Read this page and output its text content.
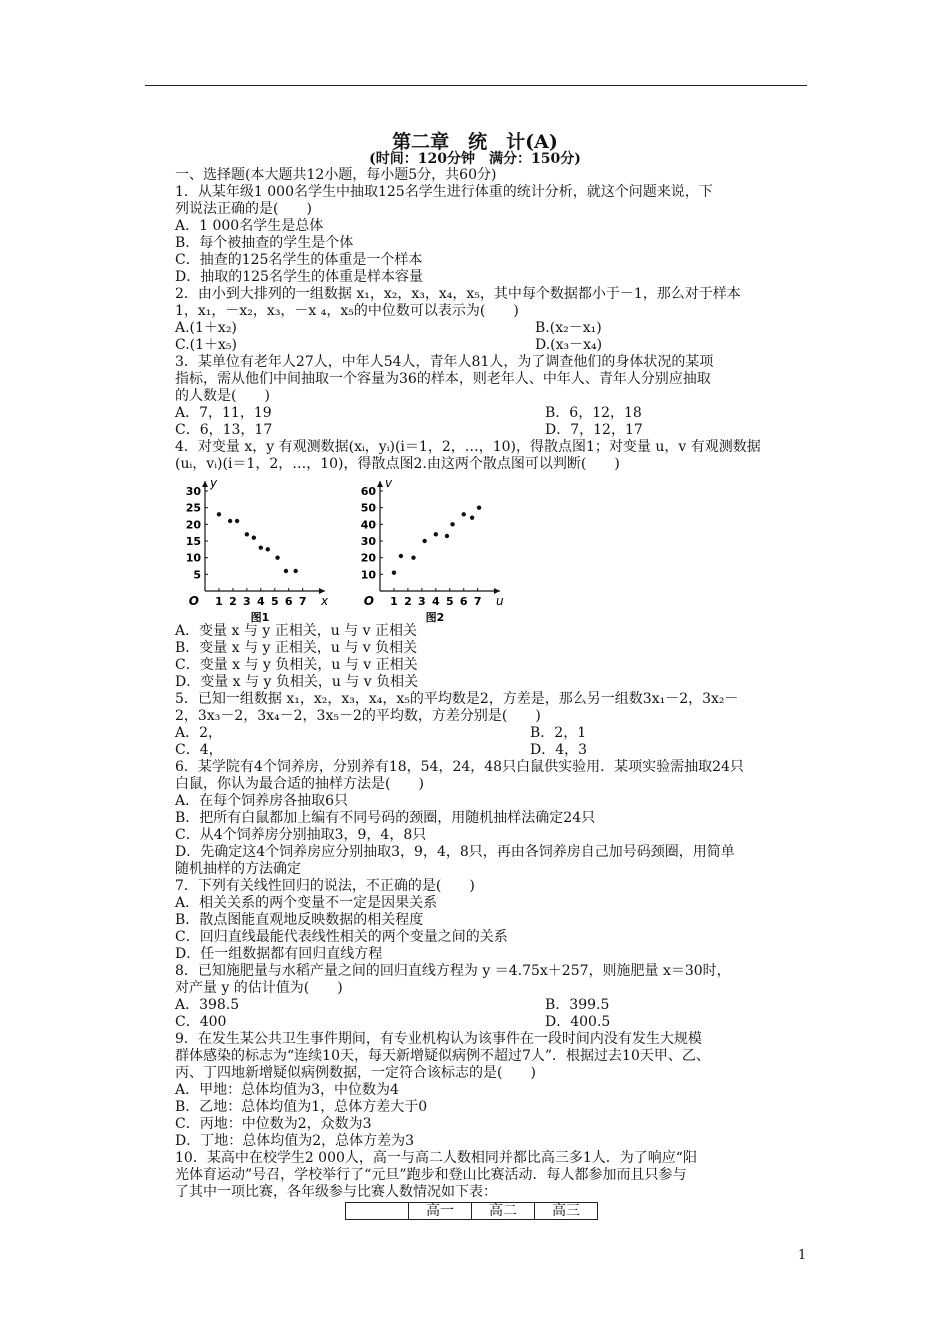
第二章　统　计(A)
(时间：120分钟　满分：150分)
一、选择题(本大题共12小题，每小题5分，共60分)
1．从某年级1 000名学生中抽取125名学生进行体重的统计分析，就这个问题来说，下
列说法正确的是(　　)
A．1 000名学生是总体
B．每个被抽查的学生是个体
C．抽查的125名学生的体重是一个样本
D．抽取的125名学生的体重是样本容量
2．由小到大排列的一组数据 x₁，x₂，x₃，x₄，x₅，其中每个数据都小于－1，那么对于样本
1，x₁，－x₂，x₃，－x ₄，x₅的中位数可以表示为(　　)
A.(1＋x₂)	B.(x₂－x₁)
C.(1＋x₅)	D.(x₃－x₄)
3．某单位有老年人27人，中年人54人，青年人81人，为了调查他们的身体状况的某项
指标，需从他们中间抽取一个容量为36的样本，则老年人、中年人、青年人分别应抽取
的人数是(　　)
A．7，11，19	B．6，12，18
C．6，13，17	D．7，12，17
4．对变量 x，y 有观测数据(xᵢ，yᵢ)(i＝1，2，…，10)，得散点图1；对变量 u，v 有观测数据
(uᵢ，vᵢ)(i＝1，2，…，10)，得散点图2.由这两个散点图可以判断(　　)
1 2 3 4 5 6 7
5
10
15
20
25
30
O	x
y
图1
1 2 3 4 5 6 7
10
20
30
40
50
60
O	u
v
图2
A．变量 x 与 y 正相关，u 与 v 正相关
B．变量 x 与 y 正相关，u 与 v 负相关
C．变量 x 与 y 负相关，u 与 v 正相关
D．变量 x 与 y 负相关，u 与 v 负相关
5．已知一组数据 x₁，x₂，x₃，x₄，x₅的平均数是2，方差是，那么另一组数3x₁－2，3x₂－
2，3x₃－2，3x₄－2，3x₅－2的平均数，方差分别是(　　)
A．2，	B．2，1
C．4，	D．4，3
6．某学院有4个饲养房，分别养有18，54，24，48只白鼠供实验用．某项实验需抽取24只
白鼠，你认为最合适的抽样方法是(　　)
A．在每个饲养房各抽取6只
B．把所有白鼠都加上编有不同号码的颈圈，用随机抽样法确定24只
C．从4个饲养房分别抽取3，9，4，8只
D．先确定这4个饲养房应分别抽取3，9，4，8只，再由各饲养房自己加号码颈圈，用简单
随机抽样的方法确定
7．下列有关线性回归的说法，不正确的是(　　)
A．相关关系的两个变量不一定是因果关系
B．散点图能直观地反映数据的相关程度
C．回归直线最能代表线性相关的两个变量之间的关系
D．任一组数据都有回归直线方程
8．已知施肥量与水稻产量之间的回归直线方程为 y ＝4.75x＋257，则施肥量 x＝30时，
对产量 y 的估计值为(　　)
A．398.5	B．399.5
C．400	D．400.5
9．在发生某公共卫生事件期间，有专业机构认为该事件在一段时间内没有发生大规模
群体感染的标志为“连续10天，每天新增疑似病例不超过7人”．根据过去10天甲、乙、
丙、丁四地新增疑似病例数据，一定符合该标志的是(　　)
A．甲地：总体均值为3，中位数为4
B．乙地：总体均值为1，总体方差大于0
C．丙地：中位数为2，众数为3
D．丁地：总体均值为2，总体方差为3
10．某高中在校学生2 000人，高一与高二人数相同并都比高三多1人．为了响应“阳
光体育运动”号召，学校举行了“元旦”跑步和登山比赛活动．每人都参加而且只参与
了其中一项比赛，各年级参与比赛人数情况如下表：
	高一	高二	高三
1
